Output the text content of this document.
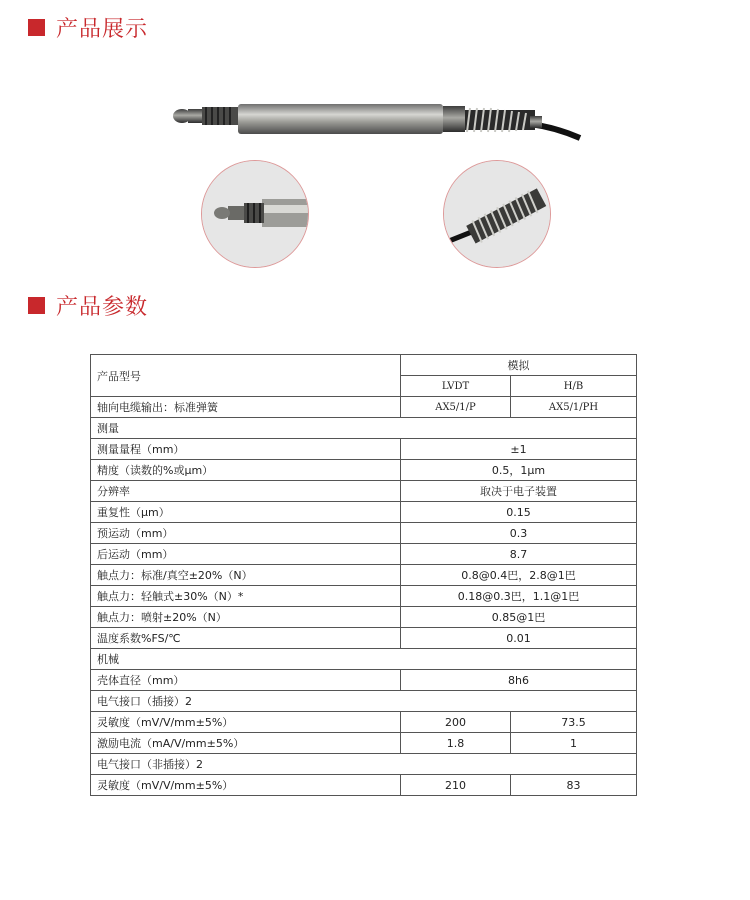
产品展示
产品参数
产品型号	模拟	
	LVDT	H/B
轴向电缆输出：标准弹簧	AX5/1/P	AX5/1/PH
测量		
测量量程（mm）	±1	
精度（读数的%或μm）	0.5，1μm	
分辨率	取决于电子装置	
重复性（μm）	0.15	
预运动（mm）	0.3	
后运动（mm）	8.7	
触点力：标准/真空±20%（N）	0.8@0.4巴，2.8@1巴	
触点力：轻触式±30%（N）*	0.18@0.3巴，1.1@1巴	
触点力：喷射±20%（N）	0.85@1巴	
温度系数%FS/℃	0.01	
机械		
壳体直径（mm）	8h6	
电气接口（插接）2		
灵敏度（mV/V/mm±5%）	200	73.5
激励电流（mA/V/mm±5%）	1.8	1
电气接口（非插接）2		
灵敏度（mV/V/mm±5%）	210	83
